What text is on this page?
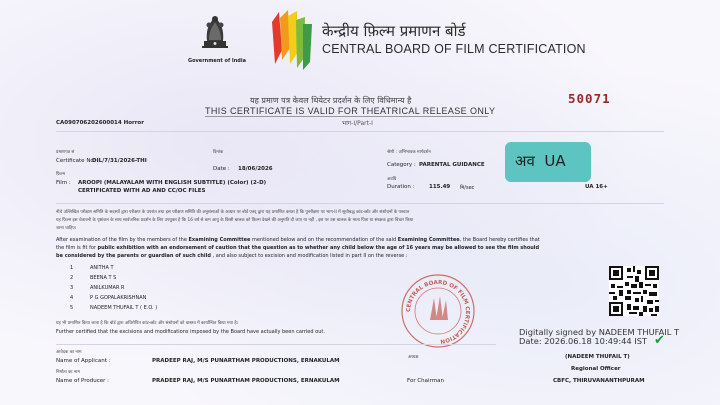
Government of India
केन्द्रीय फ़िल्म प्रमाणन बोर्ड
CENTRAL BOARD OF FILM CERTIFICATION
यह प्रमाण पत्र केवल थियेटर प्रदर्शन के लिए विधिमान्य है
THIS CERTIFICATE IS VALID FOR THEATRICAL RELEASE ONLY
भाग-I/Part-I
50071
CA090706202600014 Horror
प्रमाणपत्र सं
Certificate No:
DIL/7/31/2026-THI
दिनांक
Date : 18/06/2026
श्रेणी : अभिभावक मार्गदर्शन
Category : PARENTAL GUIDANCE अव UA
UA 16+
फ़िल्म
Film : AROOPI (MALAYALAM WITH ENGLISH SUBTITLE) (Color) (2-D)
CERTIFICATED WITH AD AND CC/OC FILES
अवधि
Duration :	115.49 मि/sec
नीचे उल्लिखित परीक्षण समिति के सदस्यों द्वारा परीक्षण के उपरांत तथा इस परीक्षण समिति की अनुशंसाओं के आधार पर बोर्ड एतद् द्वारा यह प्रमाणित करता है कि पुनरीक्षण पर भाग-II में सूचीबद्ध कांट-छाँट और संशोधनों के पश्चात
यह फ़िल्म इस चेतावनी के पृष्ठांकन के साथ सार्वजनिक प्रदर्शन के लिए उपयुक्त है कि 16 वर्ष से कम आयु के किसी बालक को फ़िल्म देखने की अनुमति दी जाए या नहीं , इस पर उस बालक के माता पिता या संरक्षक द्वारा विचार किया
जाना चाहिए।
After examination of the film by the members of the Examining Committee mentioned below and on the recommendation of the said Examining Committee, the Board hereby certifies that
the film is fit for public exhibition with an endorsement of caution that the question as to whether any child below the age of 16 years may be allowed to see the film should
be considered by the parents or guardian of such child , and also subject to excision and modification listed in part II on the reverse :
1	ANITHA T
2	BEENA T S
3	ANILKUMAR R
4	P G GOPALAKRISHNAN
5	NADEEM THUFAIL T ( E.O. )
यह भी प्रमाणित किया जाता है कि बोर्ड द्वारा अधिरोपित कांट-छाँट और संशोधनों को वास्तव में कार्यान्वित किया गया है।
Further certified that the excisions and modifications imposed by the Board have actually been carried out.
CENTRAL BOARD OF FILM CERTIFICATION
Digitally signed by NADEEM THUFAIL T
Date: 2026.06.18 10:49:44 IST ✔
आवेदक का नाम
Name of Applicant :	PRADEEP RAJ, M/S PUNARTHAM PRODUCTIONS, ERNAKULAM
निर्माता का नाम
Name of Producer :	PRADEEP RAJ, M/S PUNARTHAM PRODUCTIONS, ERNAKULAM
अध्यक्ष
For Chairman
(NADEEM THUFAIL T)
Regional Officer
CBFC, THIRUVANANTHPURAM
